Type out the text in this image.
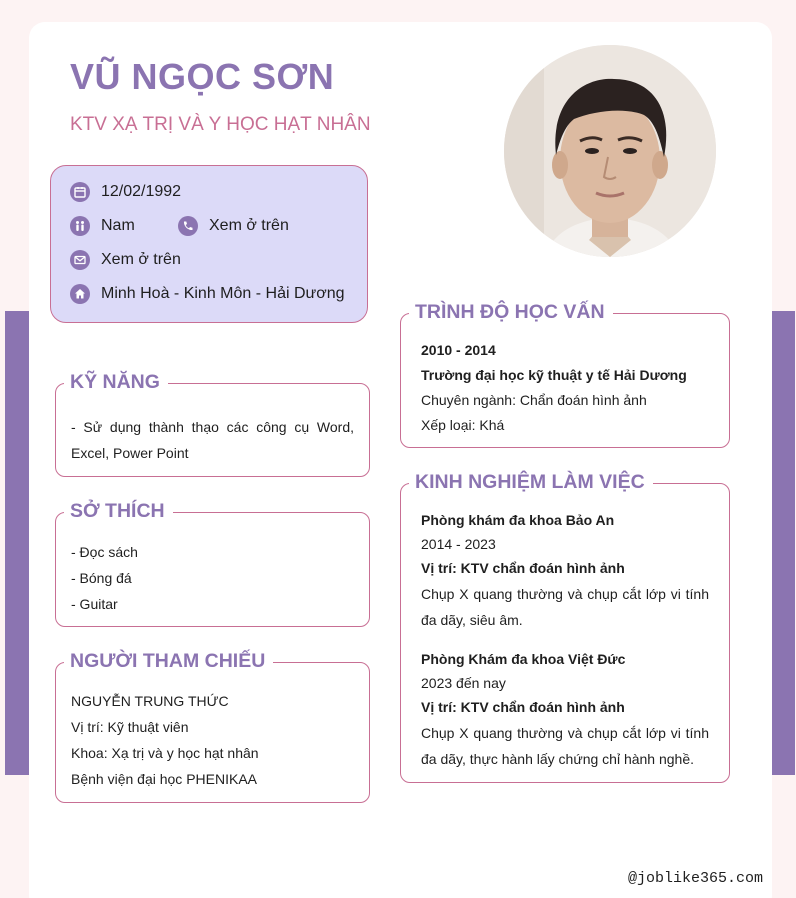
VŨ NGỌC SƠN
KTV XẠ TRỊ VÀ Y HỌC HẠT NHÂN
12/02/1992
Nam	Xem ở trên
Xem ở trên
Minh Hoà - Kinh Môn - Hải Dương
KỸ NĂNG
- Sử dụng thành thạo các công cụ Word, Excel, Power Point
SỞ THÍCH
- Đọc sách
- Bóng đá
- Guitar
NGƯỜI THAM CHIẾU
NGUYỄN TRUNG THỨC
Vị trí: Kỹ thuật viên
Khoa: Xạ trị và y học hạt nhân
Bệnh viện đại học PHENIKAA
TRÌNH ĐỘ HỌC VẤN
2010 - 2014
Trường đại học kỹ thuật y tế Hải Dương
Chuyên ngành: Chẩn đoán hình ảnh
Xếp loại: Khá
KINH NGHIỆM LÀM VIỆC
Phòng khám đa khoa Bảo An
2014 - 2023
Vị trí: KTV chẩn đoán hình ảnh
Chụp X quang thường và chụp cắt lớp vi tính đa dãy, siêu âm.
Phòng Khám đa khoa Việt Đức
2023 đến nay
Vị trí: KTV chẩn đoán hình ảnh
Chụp X quang thường và chụp cắt lớp vi tính đa dãy, thực hành lấy chứng chỉ hành nghề.
@joblike365.com
